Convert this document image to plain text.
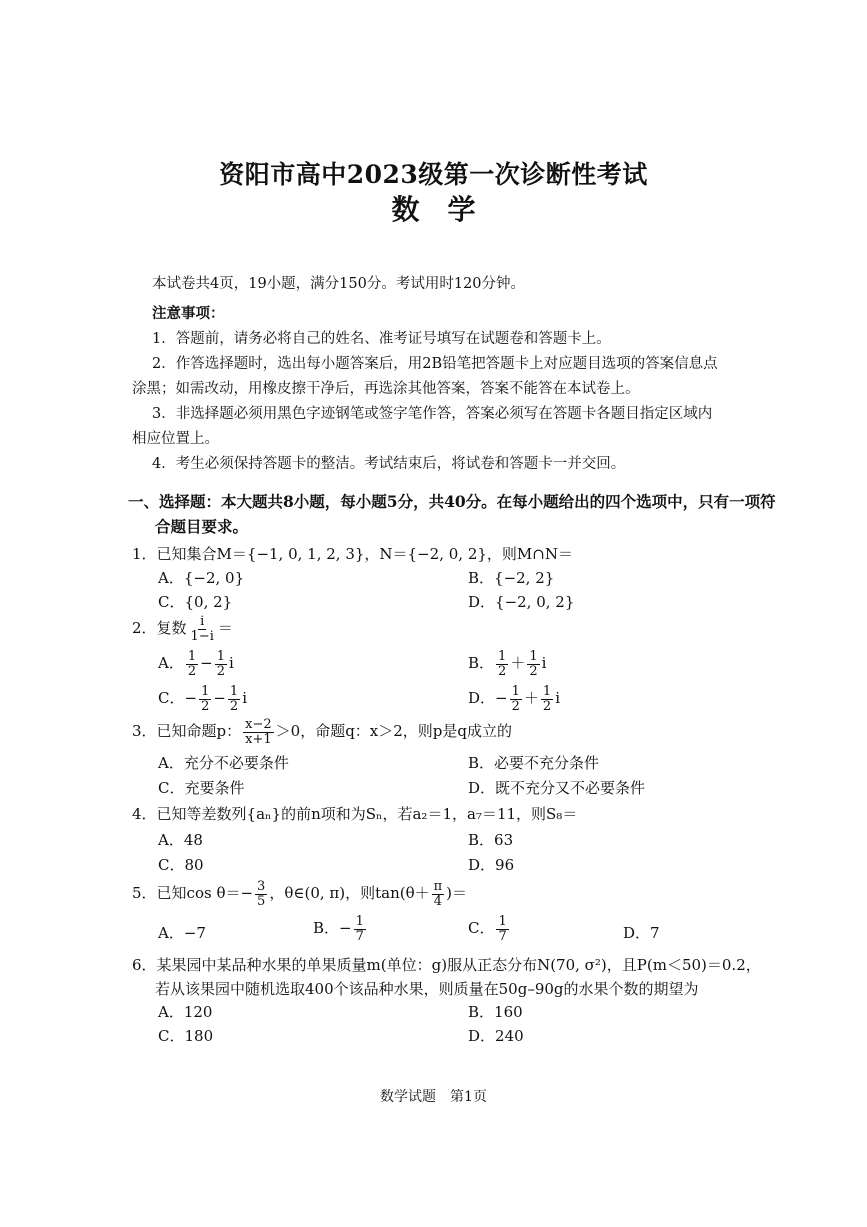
资阳市高中2023级第一次诊断性考试
数　学
本试卷共4页，19小题，满分150分。考试用时120分钟。
注意事项：
1．答题前，请务必将自己的姓名、准考证号填写在试题卷和答题卡上。
2．作答选择题时，选出每小题答案后，用2B铅笔把答题卡上对应题目选项的答案信息点
涂黑；如需改动，用橡皮擦干净后，再选涂其他答案，答案不能答在本试卷上。
3．非选择题必须用黑色字迹钢笔或签字笔作答，答案必须写在答题卡各题目指定区域内
相应位置上。
4．考生必须保持答题卡的整洁。考试结束后，将试卷和答题卡一并交回。
一、选择题：本大题共8小题，每小题5分，共40分。在每小题给出的四个选项中，只有一项符
合题目要求。
1．已知集合M＝{−1, 0, 1, 2, 3}，N＝{−2, 0, 2}，则M∩N＝
A．{−2, 0}	B．{−2, 2}
C．{0, 2}	D．{−2, 0, 2}
2．复数 $\frac{i}{1-i}$ ＝
A． $\frac{1}{2} - \frac{1}{2}$ i	B． $\frac{1}{2} + \frac{1}{2}$ i
C．− $\frac{1}{2} - \frac{1}{2}$ i	D．− $\frac{1}{2} + \frac{1}{2}$ i
3．已知命题p： $\frac{x-2}{x+1} >0$，命题q：x＞2，则p是q成立的
A．充分不必要条件	B．必要不充分条件
C．充要条件	D．既不充分又不必要条件
4．已知等差数列{aₙ}的前n项和为Sₙ，若a₂＝1，a₇＝11，则S₈＝
A．48	B．63
C．80	D．96
5．已知$\cos \theta=- \frac{3}{5}$ ，θ∈(0, π)，则$\tan(\theta+ \frac{\pi}{4}$ )＝
A．−7	B．− $\frac{1}{7}$	C． $\frac{1}{7}$	D．7
6．某果园中某品种水果的单果质量m(单位：g)服从正态分布N(70, σ²)，且P(m＜50)＝0.2，
若从该果园中随机选取400个该品种水果，则质量在50g–90g的水果个数的期望为
A．120	B．160
C．180	D．240
数学试题　第1页
